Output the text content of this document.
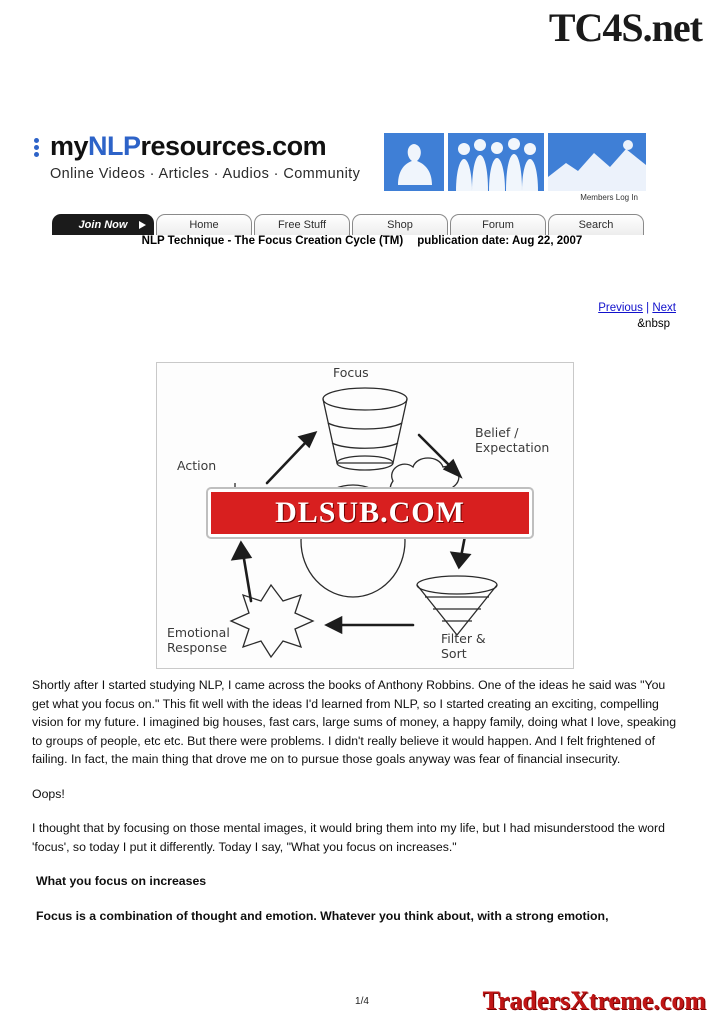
TC4S.net
myNLPresources.com
Online Videos · Articles · Audios · Community
Members Log In
Join Now	Home	Free Stuff	Shop	Forum	Search
NLP Technique - The Focus Creation Cycle (TM) publication date: Aug 22, 2007
Previous | Next
&nbsp
Focus
Belief /
Expectation
Action
Filter &
Sort
Emotional
Response
DLSUB.COM

Shortly after I started studying NLP, I came across the books of Anthony Robbins. One of the ideas he said was "You get what you focus on." This fit well with the ideas I'd learned from NLP, so I started creating an exciting, compelling vision for my future. I imagined big houses, fast cars, large sums of money, a happy family, doing what I love, speaking to groups of people, etc etc. But there were problems. I didn't really believe it would happen. And I felt frightened of failing. In fact, the main thing that drove me on to pursue those goals anyway was fear of financial insecurity.

Oops!

I thought that by focusing on those mental images, it would bring them into my life, but I had misunderstood the word 'focus', so today I put it differently. Today I say, "What you focus on increases."

What you focus on increases

Focus is a combination of thought and emotion. Whatever you think about, with a strong emotion,

1/4	TradersXtreme.com
